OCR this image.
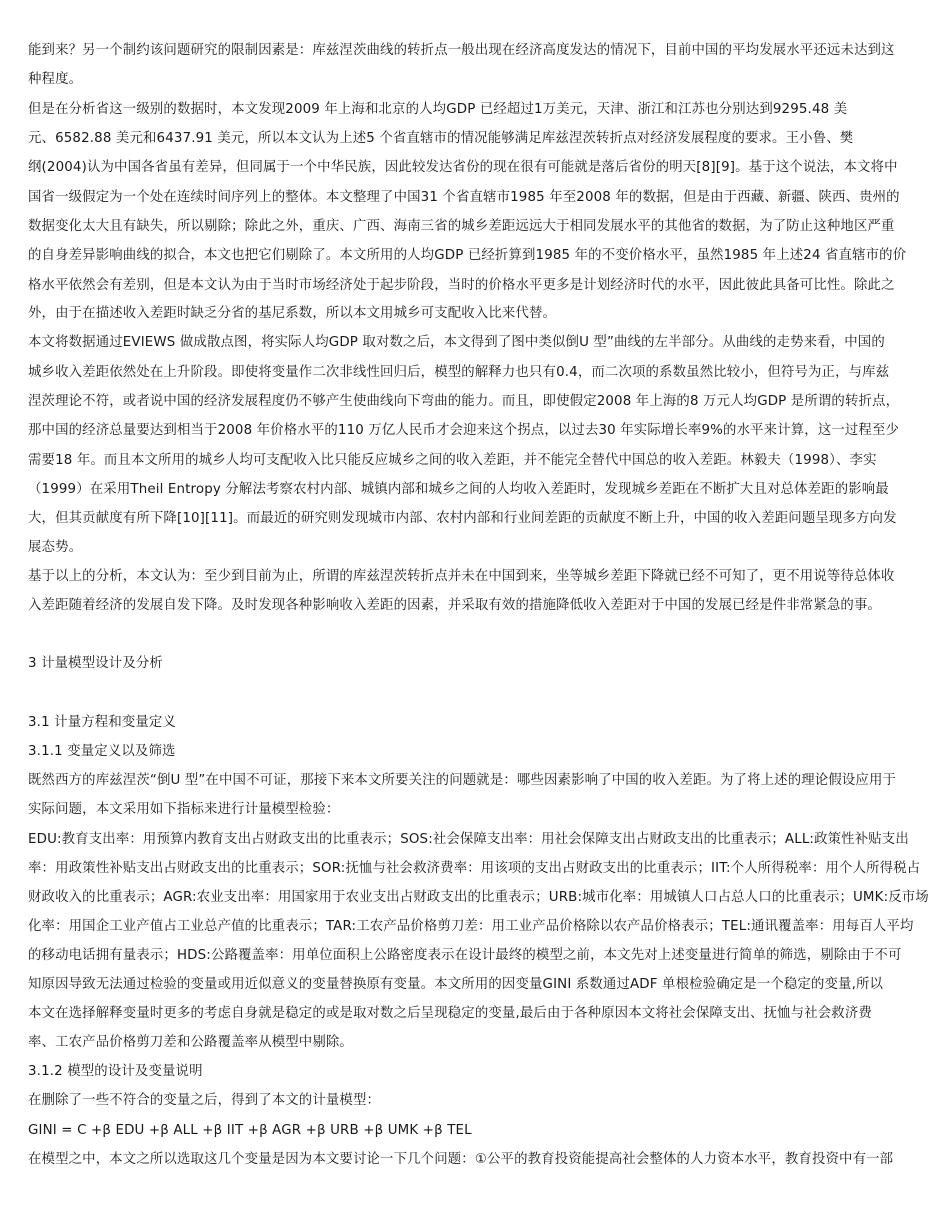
能到来？另一个制约该问题研究的限制因素是：库兹涅茨曲线的转折点一般出现在经济高度发达的情况下，目前中国的平均发展水平还远未达到这
种程度。
但是在分析省这一级别的数据时，本文发现2009 年上海和北京的人均GDP 已经超过1万美元，天津、浙江和江苏也分别达到9295.48 美
元、6582.88 美元和6437.91 美元，所以本文认为上述5 个省直辖市的情况能够满足库兹涅茨转折点对经济发展程度的要求。王小鲁、樊
纲(2004)认为中国各省虽有差异，但同属于一个中华民族，因此较发达省份的现在很有可能就是落后省份的明天[8][9]。基于这个说法，本文将中
国省一级假定为一个处在连续时间序列上的整体。本文整理了中国31 个省直辖市1985 年至2008 年的数据，但是由于西藏、新疆、陕西、贵州的
数据变化太大且有缺失，所以剔除；除此之外，重庆、广西、海南三省的城乡差距远远大于相同发展水平的其他省的数据，为了防止这种地区严重
的自身差异影响曲线的拟合，本文也把它们剔除了。本文所用的人均GDP 已经折算到1985 年的不变价格水平，虽然1985 年上述24 省直辖市的价
格水平依然会有差别，但是本文认为由于当时市场经济处于起步阶段，当时的价格水平更多是计划经济时代的水平，因此彼此具备可比性。除此之
外，由于在描述收入差距时缺乏分省的基尼系数，所以本文用城乡可支配收入比来代替。
本文将数据通过EVIEWS 做成散点图，将实际人均GDP 取对数之后，本文得到了图中类似倒U 型”曲线的左半部分。从曲线的走势来看，中国的
城乡收入差距依然处在上升阶段。即使将变量作二次非线性回归后，模型的解释力也只有0.4，而二次项的系数虽然比较小，但符号为正，与库兹
涅茨理论不符，或者说中国的经济发展程度仍不够产生使曲线向下弯曲的能力。而且，即使假定2008 年上海的8 万元人均GDP 是所谓的转折点，
那中国的经济总量要达到相当于2008 年价格水平的110 万亿人民币才会迎来这个拐点，以过去30 年实际增长率9%的水平来计算，这一过程至少
需要18 年。而且本文所用的城乡人均可支配收入比只能反应城乡之间的收入差距，并不能完全替代中国总的收入差距。林毅夫（1998）、李实
（1999）在采用Theil Entropy 分解法考察农村内部、城镇内部和城乡之间的人均收入差距时，发现城乡差距在不断扩大且对总体差距的影响最
大，但其贡献度有所下降[10][11]。而最近的研究则发现城市内部、农村内部和行业间差距的贡献度不断上升，中国的收入差距问题呈现多方向发
展态势。
基于以上的分析，本文认为：至少到目前为止，所谓的库兹涅茨转折点并未在中国到来，坐等城乡差距下降就已经不可知了，更不用说等待总体收
入差距随着经济的发展自发下降。及时发现各种影响收入差距的因素，并采取有效的措施降低收入差距对于中国的发展已经是件非常紧急的事。
3 计量模型设计及分析
3.1 计量方程和变量定义
3.1.1 变量定义以及筛选
既然西方的库兹涅茨“倒U 型”在中国不可证，那接下来本文所要关注的问题就是：哪些因素影响了中国的收入差距。为了将上述的理论假设应用于
实际问题，本文采用如下指标来进行计量模型检验：
EDU:教育支出率：用预算内教育支出占财政支出的比重表示；SOS:社会保障支出率：用社会保障支出占财政支出的比重表示；ALL:政策性补贴支出
率：用政策性补贴支出占财政支出的比重表示；SOR:抚恤与社会救济费率：用该项的支出占财政支出的比重表示；IIT:个人所得税率：用个人所得税占
财政收入的比重表示；AGR:农业支出率：用国家用于农业支出占财政支出的比重表示；URB:城市化率：用城镇人口占总人口的比重表示；UMK:反市场
化率：用国企工业产值占工业总产值的比重表示；TAR:工农产品价格剪刀差：用工业产品价格除以农产品价格表示；TEL:通讯覆盖率：用每百人平均
的移动电话拥有量表示；HDS:公路覆盖率：用单位面积上公路密度表示在设计最终的模型之前，本文先对上述变量进行简单的筛选，剔除由于不可
知原因导致无法通过检验的变量或用近似意义的变量替换原有变量。本文所用的因变量GINI 系数通过ADF 单根检验确定是一个稳定的变量,所以
本文在选择解释变量时更多的考虑自身就是稳定的或是取对数之后呈现稳定的变量,最后由于各种原因本文将社会保障支出、抚恤与社会救济费
率、工农产品价格剪刀差和公路覆盖率从模型中剔除。
3.1.2 模型的设计及变量说明
在删除了一些不符合的变量之后，得到了本文的计量模型：
GINI = C +β EDU +β ALL +β IIT +β AGR +β URB +β UMK +β TEL
在模型之中，本文之所以选取这几个变量是因为本文要讨论一下几个问题：①公平的教育投资能提高社会整体的人力资本水平，教育投资中有一部
